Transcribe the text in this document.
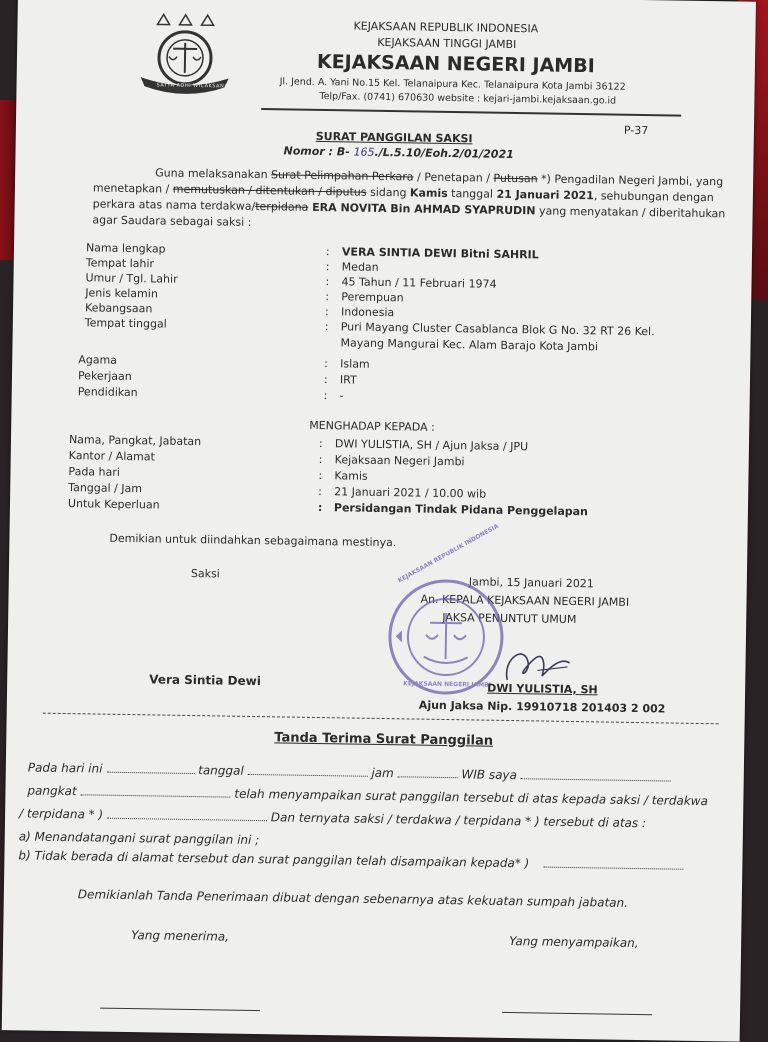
SATYA ADHI WICAKSANA
KEJAKSAAN REPUBLIK INDONESIA
KEJAKSAAN TINGGI JAMBI
KEJAKSAAN NEGERI JAMBI
Jl. Jend. A. Yani No.15 Kel. Telanaipura Kec. Telanaipura Kota Jambi 36122
Telp/Fax. (0741) 670630 website : kejari-jambi.kejaksaan.go.id
P-37
SURAT PANGGILAN SAKSI
Nomor : B- 165./L.5.10/Eoh.2/01/2021
Guna melaksanakan Surat Pelimpahan Perkara / Penetapan / Putusan *) Pengadilan Negeri Jambi, yang
menetapkan / memutuskan / ditentukan / diputus sidang Kamis tanggal 21 Januari 2021, sehubungan dengan
perkara atas nama terdakwa/terpidana ERA NOVITA Bin AHMAD SYAPRUDIN yang menyatakan / diberitahukan
agar Saudara sebagai saksi :
Nama lengkap	: VERA SINTIA DEWI Bitni SAHRIL
Tempat lahir	: Medan
Umur / Tgl. Lahir	: 45 Tahun / 11 Februari 1974
Jenis kelamin	: Perempuan
Kebangsaan	: Indonesia
Tempat tinggal	: Puri Mayang Cluster Casablanca Blok G No. 32 RT 26 Kel.
Mayang Mangurai Kec. Alam Barajo Kota Jambi
Agama	: Islam
Pekerjaan	: IRT
Pendidikan	: -
MENGHADAP KEPADA :
Nama, Pangkat, Jabatan	: DWI YULISTIA, SH / Ajun Jaksa / JPU
Kantor / Alamat	: Kejaksaan Negeri Jambi
Pada hari	: Kamis
Tanggal / Jam	: 21 Januari 2021 / 10.00 wib
Untuk Keperluan	: Persidangan Tindak Pidana Penggelapan
Demikian untuk diindahkan sebagaimana mestinya.
Saksi
Jambi, 15 Januari 2021
An. KEPALA KEJAKSAAN NEGERI JAMBI
JAKSA PENUNTUT UMUM
KEJAKSAAN REPUBLIK INDONESIA
KEJAKSAAN NEGERI JAMBI
Vera Sintia Dewi
DWI YULISTIA, SH
Ajun Jaksa Nip. 19910718 201403 2 002
Tanda Terima Surat Panggilan
Pada hari ini	tanggal	jam	WIB saya
pangkat	telah menyampaikan surat panggilan tersebut di atas kepada saksi / terdakwa
/ terpidana * )	Dan ternyata saksi / terdakwa / terpidana * ) tersebut di atas :
a) Menandatangani surat panggilan ini ;
b) Tidak berada di alamat tersebut dan surat panggilan telah disampaikan kepada* )
Demikianlah Tanda Penerimaan dibuat dengan sebenarnya atas kekuatan sumpah jabatan.
Yang menerima,	Yang menyampaikan,
